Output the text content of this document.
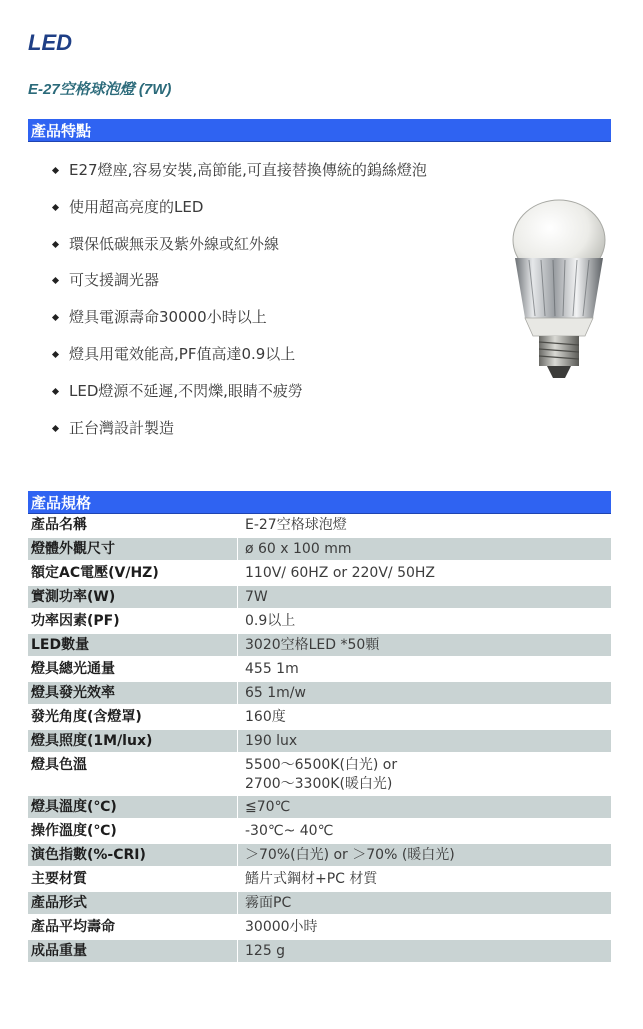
LED
E-27空格球泡燈 (7W)
產品特點
E27燈座,容易安裝,高節能,可直接替換傳統的鎢絲燈泡
使用超高亮度的LED
環保低碳無汞及紫外線或紅外線
可支援調光器
燈具電源壽命30000小時以上
燈具用電效能高,PF值高達0.9以上
LED燈源不延遲,不閃爍,眼睛不疲勞
正台灣設計製造
產品規格
產品名稱	E-27空格球泡燈
燈體外觀尺寸	ø 60 x 100 mm
額定AC電壓(V/HZ)	110V/ 60HZ or 220V/ 50HZ
實測功率(W)	7W
功率因素(PF)	0.9以上
LED數量	3020空格LED *50顆
燈具總光通量	455 1m
燈具發光效率	65 1m/w
發光角度(含燈罩)	160度
燈具照度(1M/lux)	190 lux
燈具色溫	5500～6500K(白光) or
2700～3300K(暖白光)

燈具溫度(℃)	≦70℃
操作溫度(℃)	-30℃~ 40℃
演色指數(%-CRI)	＞70%(白光) or ＞70% (暖白光)
主要材質	鰭片式鋼材+PC 材質
產品形式	霧面PC
產品平均壽命	30000小時
成品重量	125 g
